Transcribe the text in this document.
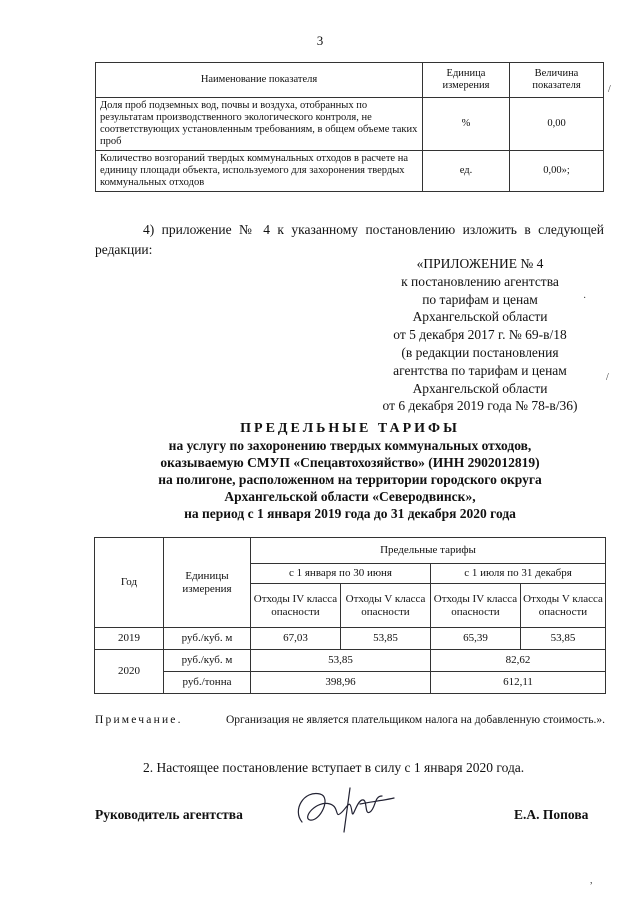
3
Наименование показателя	Единица измерения	Величина показателя
Доля проб подземных вод, почвы и воздуха, отобранных по результатам производственного экологического контроля, не соответствующих установленным требованиям, в общем объеме таких проб	%	0,00
Количество возгораний твердых коммунальных отходов в расчете на единицу площади объекта, используемого для захоронения твердых коммунальных отходов	ед.	0,00»;
/
4) приложение № 4 к указанному постановлению изложить в следующей редакции:
«ПРИЛОЖЕНИЕ № 4
к постановлению агентства
по тарифам и ценам
Архангельской области
от 5 декабря 2017 г. № 69-в/18
(в редакции постановления
агентства по тарифам и ценам
Архангельской области
от 6 декабря 2019 года № 78-в/36)
·
/
ПРЕДЕЛЬНЫЕ ТАРИФЫ
на услугу по захоронению твердых коммунальных отходов,
оказываемую СМУП «Спецавтохозяйство» (ИНН 2902012819)
на полигоне, расположенном на территории городского округа
Архангельской области «Северодвинск»,
на период с 1 января 2019 года до 31 декабря 2020 года
Год	Единицы измерения	Предельные тарифы			
		с 1 января по 30 июня		с 1 июля по 31 декабря	
		Отходы IV класса опасности	Отходы V класса опасности	Отходы IV класса опасности	Отходы V класса опасности
2019	руб./куб. м	67,03	53,85	65,39	53,85
2020	руб./куб. м	53,85		82,62	
	руб./тонна	398,96		612,11	
Примечание.	Организация не является плательщиком налога на добавленную стоимость.».
2. Настоящее постановление вступает в силу с 1 января 2020 года.
Руководитель агентства	Е.А. Попова
,
